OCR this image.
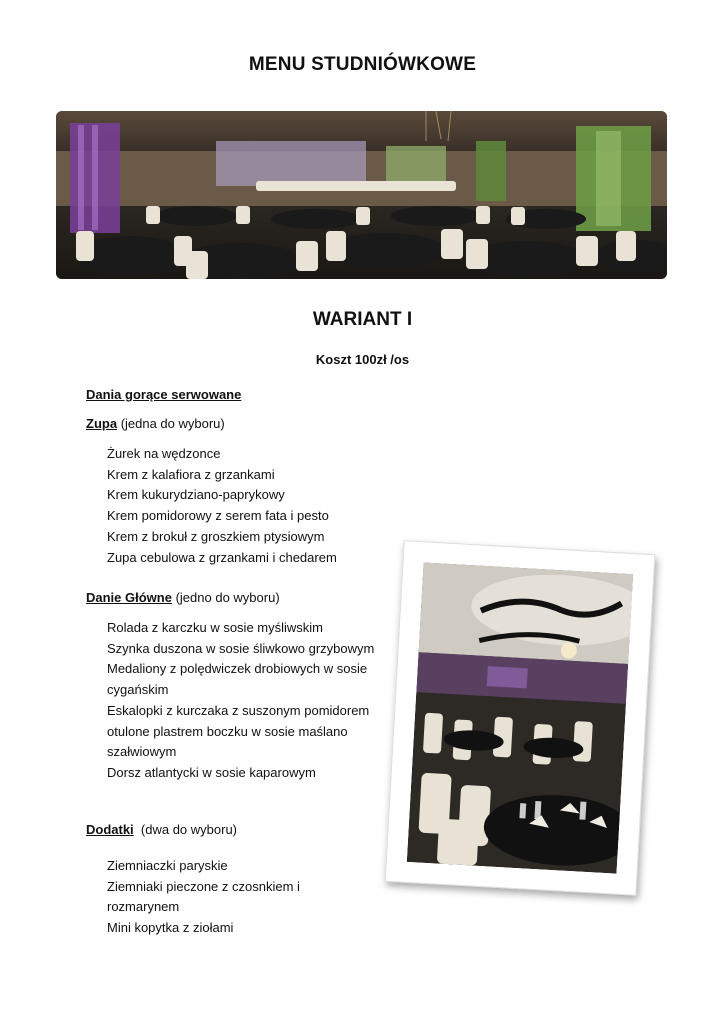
MENU STUDNIÓWKOWE
WARIANT I
Koszt 100zł /os
Dania gorące serwowane
Zupa (jedna do wyboru)
Żurek na wędzonce
Krem z kalafiora z grzankami
Krem kukurydziano-paprykowy
Krem pomidorowy z serem fata i pesto
Krem z brokuł z groszkiem ptysiowym
Zupa cebulowa z grzankami i chedarem
Danie Główne (jedno do wyboru)
Rolada z karczku w sosie myśliwskim
Szynka duszona w sosie śliwkowo grzybowym
Medaliony z polędwiczek drobiowych w sosie cygańskim
Eskalopki z kurczaka z suszonym pomidorem otulone plastrem boczku w sosie maślano szałwiowym
Dorsz atlantycki w sosie kaparowym
Dodatki (dwa do wyboru)
Ziemniaczki paryskie
Ziemniaki pieczone z czosnkiem i rozmarynem
Mini kopytka z ziołami
